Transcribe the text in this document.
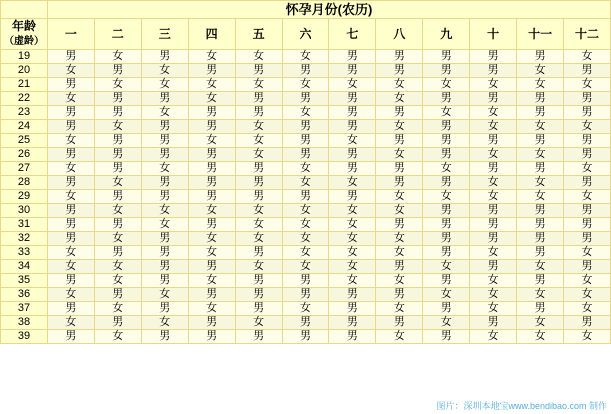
	怀孕月份(农历)											

年龄
（虚龄）	一	二	三	四	五	六	七	八	九	十	十一	十二
19	男	女	男	女	女	女	男	男	男	男	男	女
20	女	男	女	男	男	男	男	男	男	男	女	男
21	男	女	女	女	女	女	女	女	女	女	女	女
22	女	男	男	女	男	男	男	女	男	男	男	男
23	男	男	女	男	男	女	男	男	女	女	男	男
24	男	女	男	男	女	男	男	女	男	女	女	女
25	女	男	男	女	女	男	女	男	男	男	男	男
26	男	男	男	男	女	男	男	女	男	女	女	男
27	女	男	女	男	男	女	男	男	女	男	男	女
28	男	女	男	男	男	女	女	男	男	女	女	男
29	女	男	男	男	男	男	男	女	女	女	女	女
30	男	女	女	女	女	女	女	女	男	男	男	男
31	男	男	女	男	女	女	女	男	男	男	男	男
32	男	女	男	女	女	女	女	女	男	男	男	男
33	女	男	男	女	男	女	女	女	男	女	男	女
34	女	女	男	男	女	女	女	男	女	男	女	男
35	男	女	男	女	男	男	女	女	男	女	男	女
36	女	男	女	男	男	男	男	男	女	女	女	女
37	男	女	男	女	男	女	男	女	男	女	男	女
38	女	男	女	男	女	男	男	男	女	男	女	男
39	男	女	男	男	男	男	男	女	男	女	女	女
图片：深圳本地宝www.bendibao.com 制作
